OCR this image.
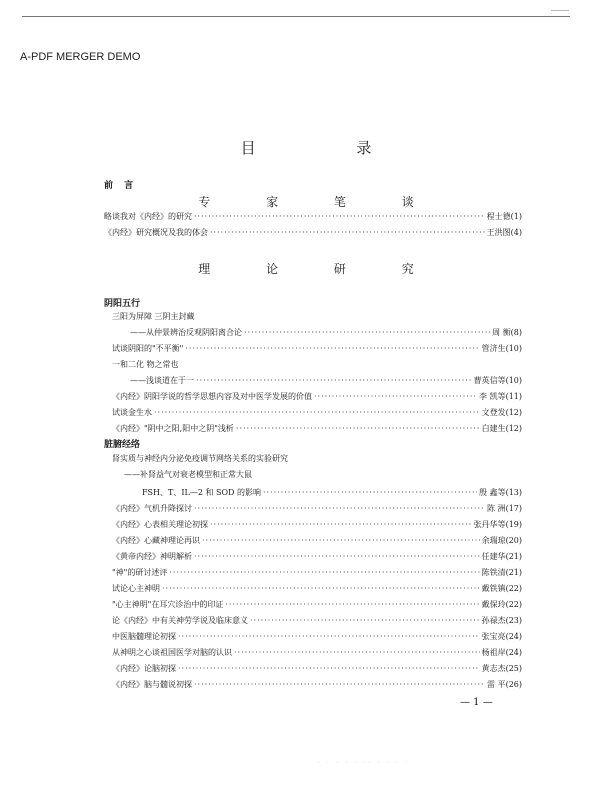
A-PDF MERGER DEMO
目 录
前 言
专 家 笔 谈
略谈我对《内经》的研究 ·····	程士德(1)
《内经》研究概况及我的体会 ·····	王洪图(4)
理 论 研 究
阴阳五行
三阳为屏障 三阴主封藏
——从仲景辨治反观阴阳离合论 ·····	周 衡(8)
试谈阴阳的"不平衡" ·····	管济生(10)
一和二化 物之常也
——浅谈道在于一 ·····	曹英信等(10)
《内经》阴阳学说的哲学思想内容及对中医学发展的价值 ·····	李 凯等(11)
试谈金生水 ·····	文登发(12)
《内经》"阴中之阳,阳中之阴"浅析 ·····	白建生(12)
脏腑经络
肾实质与神经内分泌免疫调节网络关系的实验研究
——补肾益气对衰老模型和正常大鼠
FSH、T、IL—2 和 SOD 的影响 ·····	殷 鑫等(13)
《内经》气机升降探讨 ·····	陈 洲(17)
《内经》心表相关理论初探 ·····	张丹华等(19)
《内经》心藏神理论再识 ·····	余瑞琼(20)
《黄帝内经》神明解析 ·····	任建华(21)
"神"的研讨述评 ·····	陈铁清(21)
试论心主神明 ·····	戴铁镇(22)
"心主神明"在耳穴诊治中的印证 ·····	戴保玲(22)
论《内经》中有关神劳学说及临床意义 ·····	孙禄杰(23)
中医脑髓理论初探 ·····	张宝亮(24)
从神明之心谈祖国医学对脑的认识 ·····	杨祖岸(24)
《内经》论脑初探 ·····	黄志杰(25)
《内经》脑与髓说初探 ·····	雷 平(26)
— 1 —
· · · · · ·· · · · ·
